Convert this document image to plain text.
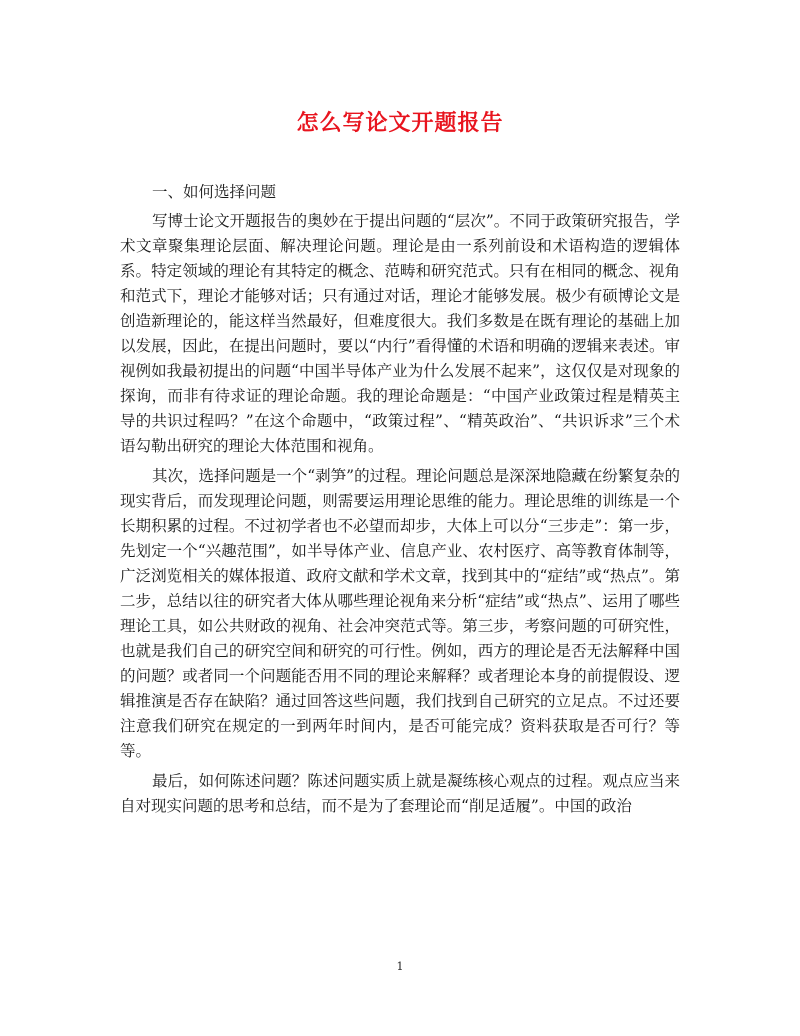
怎么写论文开题报告

一、如何选择问题

写博士论文开题报告的奥妙在于提出问题的“层次”。不同于政策研究报告，学术文章聚集理论层面、解决理论问题。理论是由一系列前设和术语构造的逻辑体系。特定领域的理论有其特定的概念、范畴和研究范式。只有在相同的概念、视角和范式下，理论才能够对话；只有通过对话，理论才能够发展。极少有硕博论文是创造新理论的，能这样当然最好，但难度很大。我们多数是在既有理论的基础上加以发展，因此，在提出问题时，要以“内行”看得懂的术语和明确的逻辑来表述。审视例如我最初提出的问题“中国半导体产业为什么发展不起来”，这仅仅是对现象的探询，而非有待求证的理论命题。我的理论命题是：“中国产业政策过程是精英主导的共识过程吗？”在这个命题中，“政策过程”、“精英政治”、“共识诉求”三个术语勾勒出研究的理论大体范围和视角。

其次，选择问题是一个“剥笋”的过程。理论问题总是深深地隐藏在纷繁复杂的现实背后，而发现理论问题，则需要运用理论思维的能力。理论思维的训练是一个长期积累的过程。不过初学者也不必望而却步，大体上可以分“三步走”：第一步，先划定一个“兴趣范围”，如半导体产业、信息产业、农村医疗、高等教育体制等，广泛浏览相关的媒体报道、政府文献和学术文章，找到其中的“症结”或“热点”。第二步，总结以往的研究者大体从哪些理论视角来分析“症结”或“热点”、运用了哪些理论工具，如公共财政的视角、社会冲突范式等。第三步，考察问题的可研究性，也就是我们自己的研究空间和研究的可行性。例如，西方的理论是否无法解释中国的问题？或者同一个问题能否用不同的理论来解释？或者理论本身的前提假设、逻辑推演是否存在缺陷？通过回答这些问题，我们找到自己研究的立足点。不过还要注意我们研究在规定的一到两年时间内，是否可能完成？资料获取是否可行？等等。

最后，如何陈述问题？陈述问题实质上就是凝练核心观点的过程。观点应当来自对现实问题的思考和总结，而不是为了套理论而“削足适履”。中国的政治

1
